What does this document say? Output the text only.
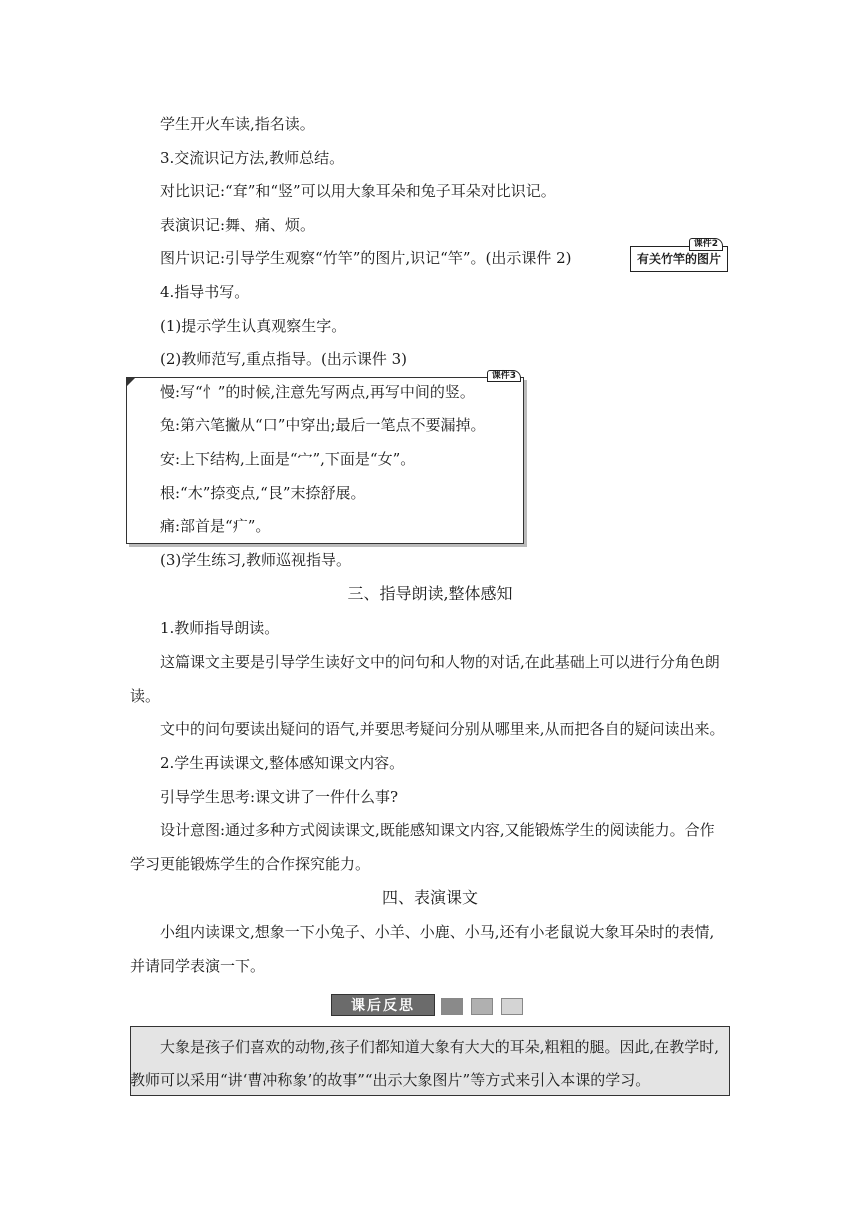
学生开火车读,指名读。
3.交流识记方法,教师总结。
对比识记:“耷”和“竖”可以用大象耳朵和兔子耳朵对比识记。
表演识记:舞、痛、烦。
图片识记:引导学生观察“竹竿”的图片,识记“竿”。(出示课件 2)
课件2
有关竹竿的图片
4.指导书写。
(1)提示学生认真观察生字。
(2)教师范写,重点指导。(出示课件 3)
课件3
慢:写“忄”的时候,注意先写两点,再写中间的竖。
兔:第六笔撇从“口”中穿出;最后一笔点不要漏掉。
安:上下结构,上面是“宀”,下面是“女”。
根:“木”捺变点,“艮”末捺舒展。
痛:部首是“疒”。
(3)学生练习,教师巡视指导。
三、指导朗读,整体感知
1.教师指导朗读。
这篇课文主要是引导学生读好文中的问句和人物的对话,在此基础上可以进行分角色朗
读。
文中的问句要读出疑问的语气,并要思考疑问分别从哪里来,从而把各自的疑问读出来。
2.学生再读课文,整体感知课文内容。
引导学生思考:课文讲了一件什么事?
设计意图:通过多种方式阅读课文,既能感知课文内容,又能锻炼学生的阅读能力。合作
学习更能锻炼学生的合作探究能力。
四、表演课文
小组内读课文,想象一下小兔子、小羊、小鹿、小马,还有小老鼠说大象耳朵时的表情,
并请同学表演一下。
课后反思
大象是孩子们喜欢的动物,孩子们都知道大象有大大的耳朵,粗粗的腿。因此,在教学时,
教师可以采用“讲‘曹冲称象’的故事”“出示大象图片”等方式来引入本课的学习。
